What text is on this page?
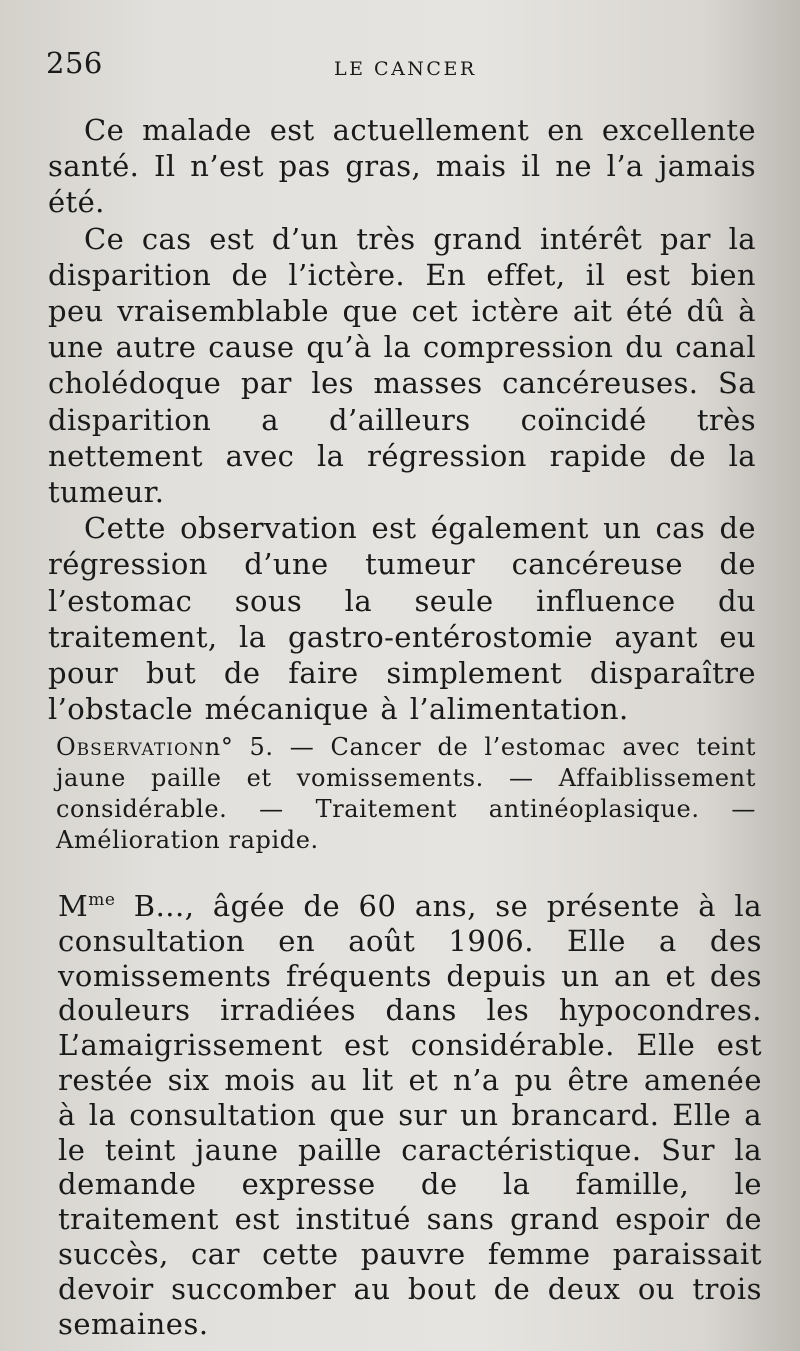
256	LE CANCER

Ce malade est actuellement en excellente santé. Il n’est pas gras, mais il ne l’a jamais été.

Ce cas est d’un très grand intérêt par la disparition de l’ictère. En effet, il est bien peu vraisemblable que cet ictère ait été dû à une autre cause qu’à la compression du canal cholédoque par les masses cancéreuses. Sa disparition a d’ailleurs coïncidé très nettement avec la régression rapide de la tumeur.

Cette observation est également un cas de régression d’une tumeur cancéreuse de l’estomac sous la seule influence du traitement, la gastro-entérostomie ayant eu pour but de faire simplement disparaître l’obstacle mécanique à l’alimentation.

Observationn° 5. — Cancer de l’estomac avec teint jaune paille et vomissements. — Affaiblissement considérable. — Traitement antinéoplasique. — Amélioration rapide.

$M^{me}$ B..., âgée de 60 ans, se présente à la consultation en août 1906. Elle a des vomissements fréquents depuis un an et des douleurs irradiées dans les hypocondres. L’amaigrissement est considérable. Elle est restée six mois au lit et n’a pu être amenée à la consultation que sur un brancard. Elle a le teint jaune paille caractéristique. Sur la demande expresse de la famille, le traitement est institué sans grand espoir de succès, car cette pauvre femme paraissait devoir succomber au bout de deux ou trois semaines.
